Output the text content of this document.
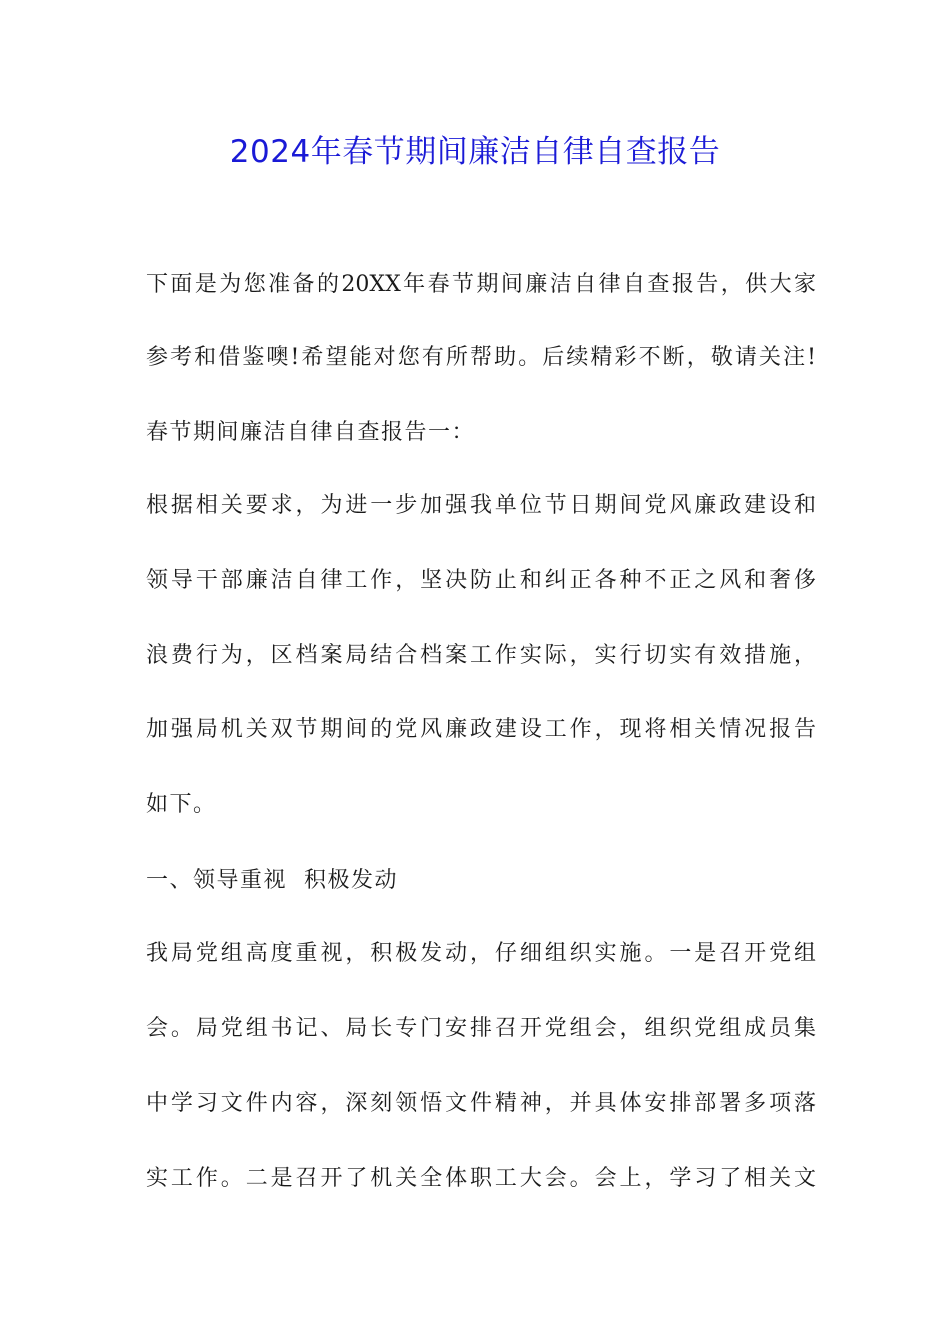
2024年春节期间廉洁自律自查报告
下面是为您准备的20XX年春节期间廉洁自律自查报告，供大家
参考和借鉴噢!希望能对您有所帮助。后续精彩不断，敬请关注!
春节期间廉洁自律自查报告一：
根据相关要求，为进一步加强我单位节日期间党风廉政建设和
领导干部廉洁自律工作，坚决防止和纠正各种不正之风和奢侈
浪费行为，区档案局结合档案工作实际，实行切实有效措施，
加强局机关双节期间的党风廉政建设工作，现将相关情况报告
如下。
一、领导重视  积极发动
我局党组高度重视，积极发动，仔细组织实施。一是召开党组
会。局党组书记、局长专门安排召开党组会，组织党组成员集
中学习文件内容，深刻领悟文件精神，并具体安排部署多项落
实工作。二是召开了机关全体职工大会。会上，学习了相关文
